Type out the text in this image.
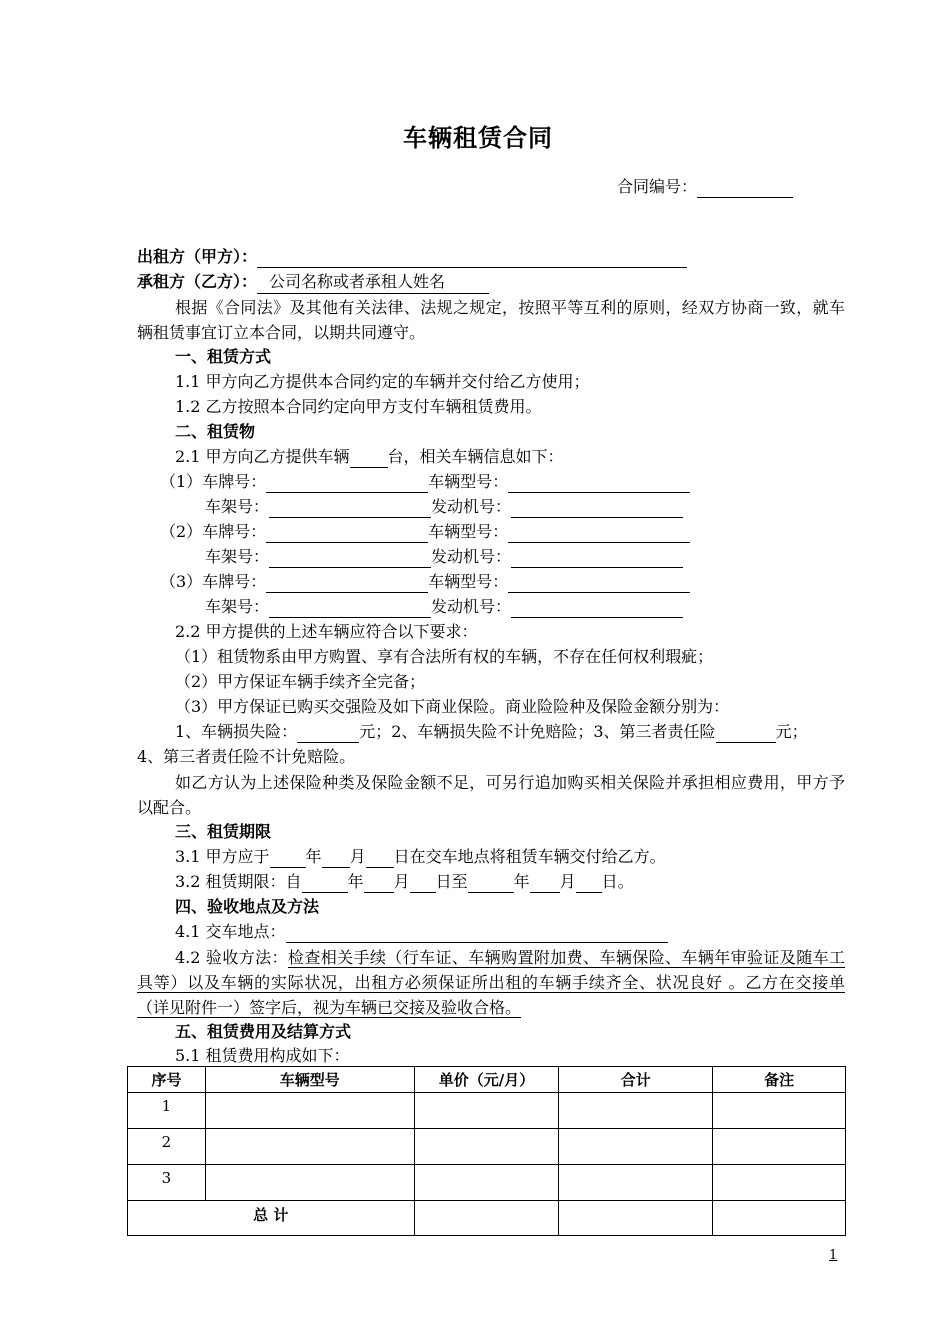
车辆租赁合同
合同编号：
出租方（甲方）：
承租方（乙方）： 公司名称或者承租人姓名
根据《合同法》及其他有关法律、法规之规定，按照平等互利的原则，经双方协商一致，就车辆租赁事宜订立本合同，以期共同遵守。
一、租赁方式
1.1 甲方向乙方提供本合同约定的车辆并交付给乙方使用；
1.2 乙方按照本合同约定向甲方支付车辆租赁费用。
二、租赁物
2.1 甲方向乙方提供车辆 台，相关车辆信息如下：
（1）车牌号：	车辆型号：
车架号：	发动机号：
（2）车牌号：	车辆型号：
车架号：	发动机号：
（3）车牌号：	车辆型号：
车架号：	发动机号：
2.2 甲方提供的上述车辆应符合以下要求：
（1）租赁物系由甲方购置、享有合法所有权的车辆，不存在任何权利瑕疵；
（2）甲方保证车辆手续齐全完备；
（3）甲方保证已购买交强险及如下商业保险。商业险险种及保险金额分别为：
1、车辆损失险：	元；2、车辆损失险不计免赔险；3、第三者责任险	元；
4、第三者责任险不计免赔险。
如乙方认为上述保险种类及保险金额不足，可另行追加购买相关保险并承担相应费用，甲方予以配合。
三、租赁期限
3.1 甲方应于 年 月 日在交车地点将租赁车辆交付给乙方。
3.2 租赁期限：自	年 月 日至	年 月 日。
四、验收地点及方法
4.1 交车地点：
4.2 验收方法：检查相关手续（行车证、车辆购置附加费、车辆保险、车辆年审验证及随车工具等）以及车辆的实际状况，出租方必须保证所出租的车辆手续齐全、状况良好 。乙方在交接单（详见附件一）签字后，视为车辆已交接及验收合格。
五、租赁费用及结算方式
5.1 租赁费用构成如下：
序号	车辆型号	单价（元/月）	合计	备注
1				
2				
3				
总 计				
1
